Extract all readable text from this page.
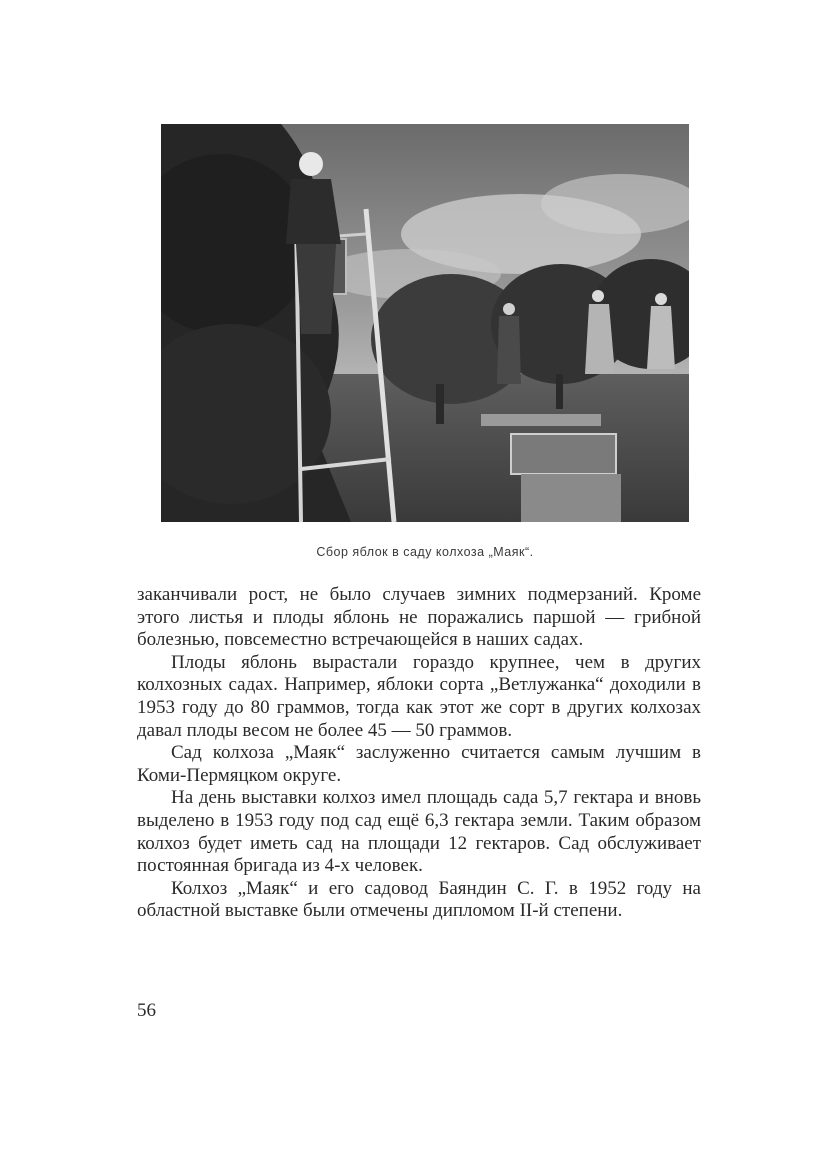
Сбор яблок в саду колхоза „Маяк“.

заканчивали рост, не было случаев зимних подмерзаний. Кроме этого листья и плоды яблонь не поражались паршой — грибной болезнью, повсеместно встречающейся в наших садах.

Плоды яблонь вырастали гораздо крупнее, чем в других колхозных садах. Например, яблоки сорта „Ветлужанка“ доходили в 1953 году до 80 граммов, тогда как этот же сорт в других колхозах давал плоды весом не более 45 — 50 граммов.

Сад колхоза „Маяк“ заслуженно считается самым лучшим в Коми-Пермяцком округе.

На день выставки колхоз имел площадь сада 5,7 гектара и вновь выделено в 1953 году под сад ещё 6,3 гектара земли. Таким образом колхоз будет иметь сад на площади 12 гектаров. Сад обслуживает постоянная бригада из 4-х человек.

Колхоз „Маяк“ и его садовод Баяндин С. Г. в 1952 году на областной выставке были отмечены дипломом II-й степени.

56
